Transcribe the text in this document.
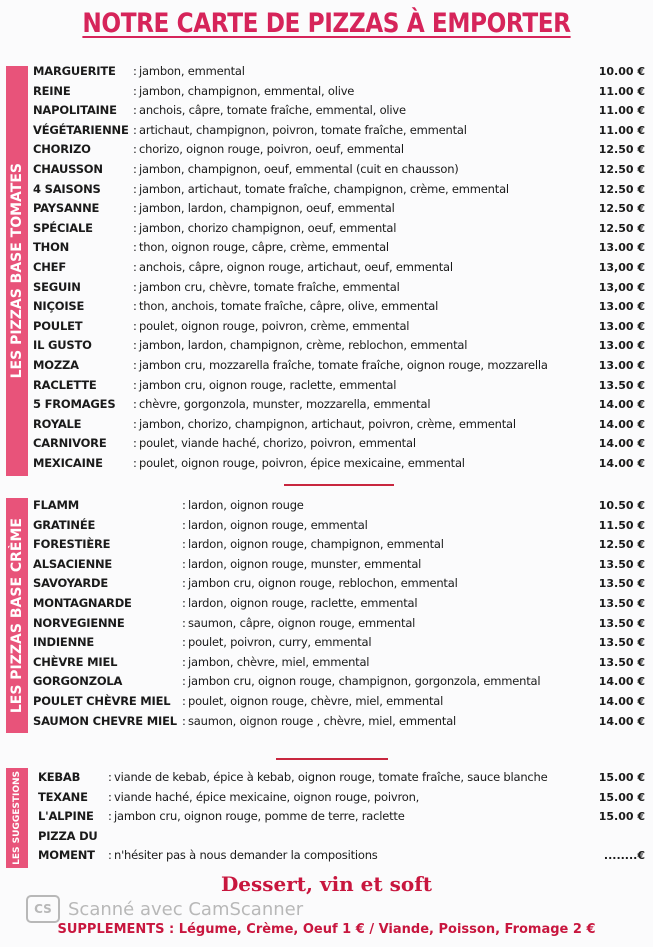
NOTRE CARTE DE PIZZAS À EMPORTER
LES PIZZAS BASE TOMATES
MARGUERITE : jambon, emmental	10.00 €
REINE	: jambon, champignon, emmental, olive	11.00 €
NAPOLITAINE : anchois, câpre, tomate fraîche, emmental, olive	11.00 €
VÉGÉTARIENNE : artichaut, champignon, poivron, tomate fraîche, emmental	11.00 €
CHORIZO	: chorizo, oignon rouge, poivron, oeuf, emmental	12.50 €
CHAUSSON	: jambon, champignon, oeuf, emmental (cuit en chausson)	12.50 €
4 SAISONS	: jambon, artichaut, tomate fraîche, champignon, crème, emmental	12.50 €
PAYSANNE	: jambon, lardon, champignon, oeuf, emmental	12.50 €
SPÉCIALE	: jambon, chorizo champignon, oeuf, emmental	12.50 €
THON	: thon, oignon rouge, câpre, crème, emmental	13.00 €
CHEF	: anchois, câpre, oignon rouge, artichaut, oeuf, emmental	13,00 €
SEGUIN	: jambon cru, chèvre, tomate fraîche, emmental	13,00 €
NIÇOISE	: thon, anchois, tomate fraîche, câpre, olive, emmental	13.00 €
POULET	: poulet, oignon rouge, poivron, crème, emmental	13.00 €
IL GUSTO	: jambon, lardon, champignon, crème, reblochon, emmental	13.00 €
MOZZA	: jambon cru, mozzarella fraîche, tomate fraîche, oignon rouge, mozzarella	13.00 €
RACLETTE	: jambon cru, oignon rouge, raclette, emmental	13.50 €
5 FROMAGES : chèvre, gorgonzola, munster, mozzarella, emmental	14.00 €
ROYALE	: jambon, chorizo, champignon, artichaut, poivron, crème, emmental	14.00 €
CARNIVORE : poulet, viande haché, chorizo, poivron, emmental	14.00 €
MEXICAINE	: poulet, oignon rouge, poivron, épice mexicaine, emmental	14.00 €
LES PIZZAS BASE CRÈME
FLAMM	: lardon, oignon rouge	10.50 €
GRATINÉE	: lardon, oignon rouge, emmental	11.50 €
FORESTIÈRE	: lardon, oignon rouge, champignon, emmental	12.50 €
ALSACIENNE	: lardon, oignon rouge, munster, emmental	13.50 €
SAVOYARDE	: jambon cru, oignon rouge, reblochon, emmental	13.50 €
MONTAGNARDE	: lardon, oignon rouge, raclette, emmental	13.50 €
NORVEGIENNE	: saumon, câpre, oignon rouge, emmental	13.50 €
INDIENNE	: poulet, poivron, curry, emmental	13.50 €
CHÈVRE MIEL	: jambon, chèvre, miel, emmental	13.50 €
GORGONZOLA	: jambon cru, oignon rouge, champignon, gorgonzola, emmental	14.00 €
POULET CHÈVRE MIEL : poulet, oignon rouge, chèvre, miel, emmental	14.00 €
SAUMON CHEVRE MIEL : saumon, oignon rouge , chèvre, miel, emmental	14.00 €
LES SUGGESTIONS KEBAB : viande de kebab, épice à kebab, oignon rouge, tomate fraîche, sauce blanche	15.00 €
TEXANE : viande haché, épice mexicaine, oignon rouge, poivron,	15.00 €
L'ALPINE : jambon cru, oignon rouge, pomme de terre, raclette	15.00 €
PIZZA DU
MOMENT : n'hésiter pas à nous demander la compositions	........€
Dessert, vin et soft
CS Scanné avec CamScanner
SUPPLEMENTS : Légume, Crème, Oeuf 1 € / Viande, Poisson, Fromage 2 €
